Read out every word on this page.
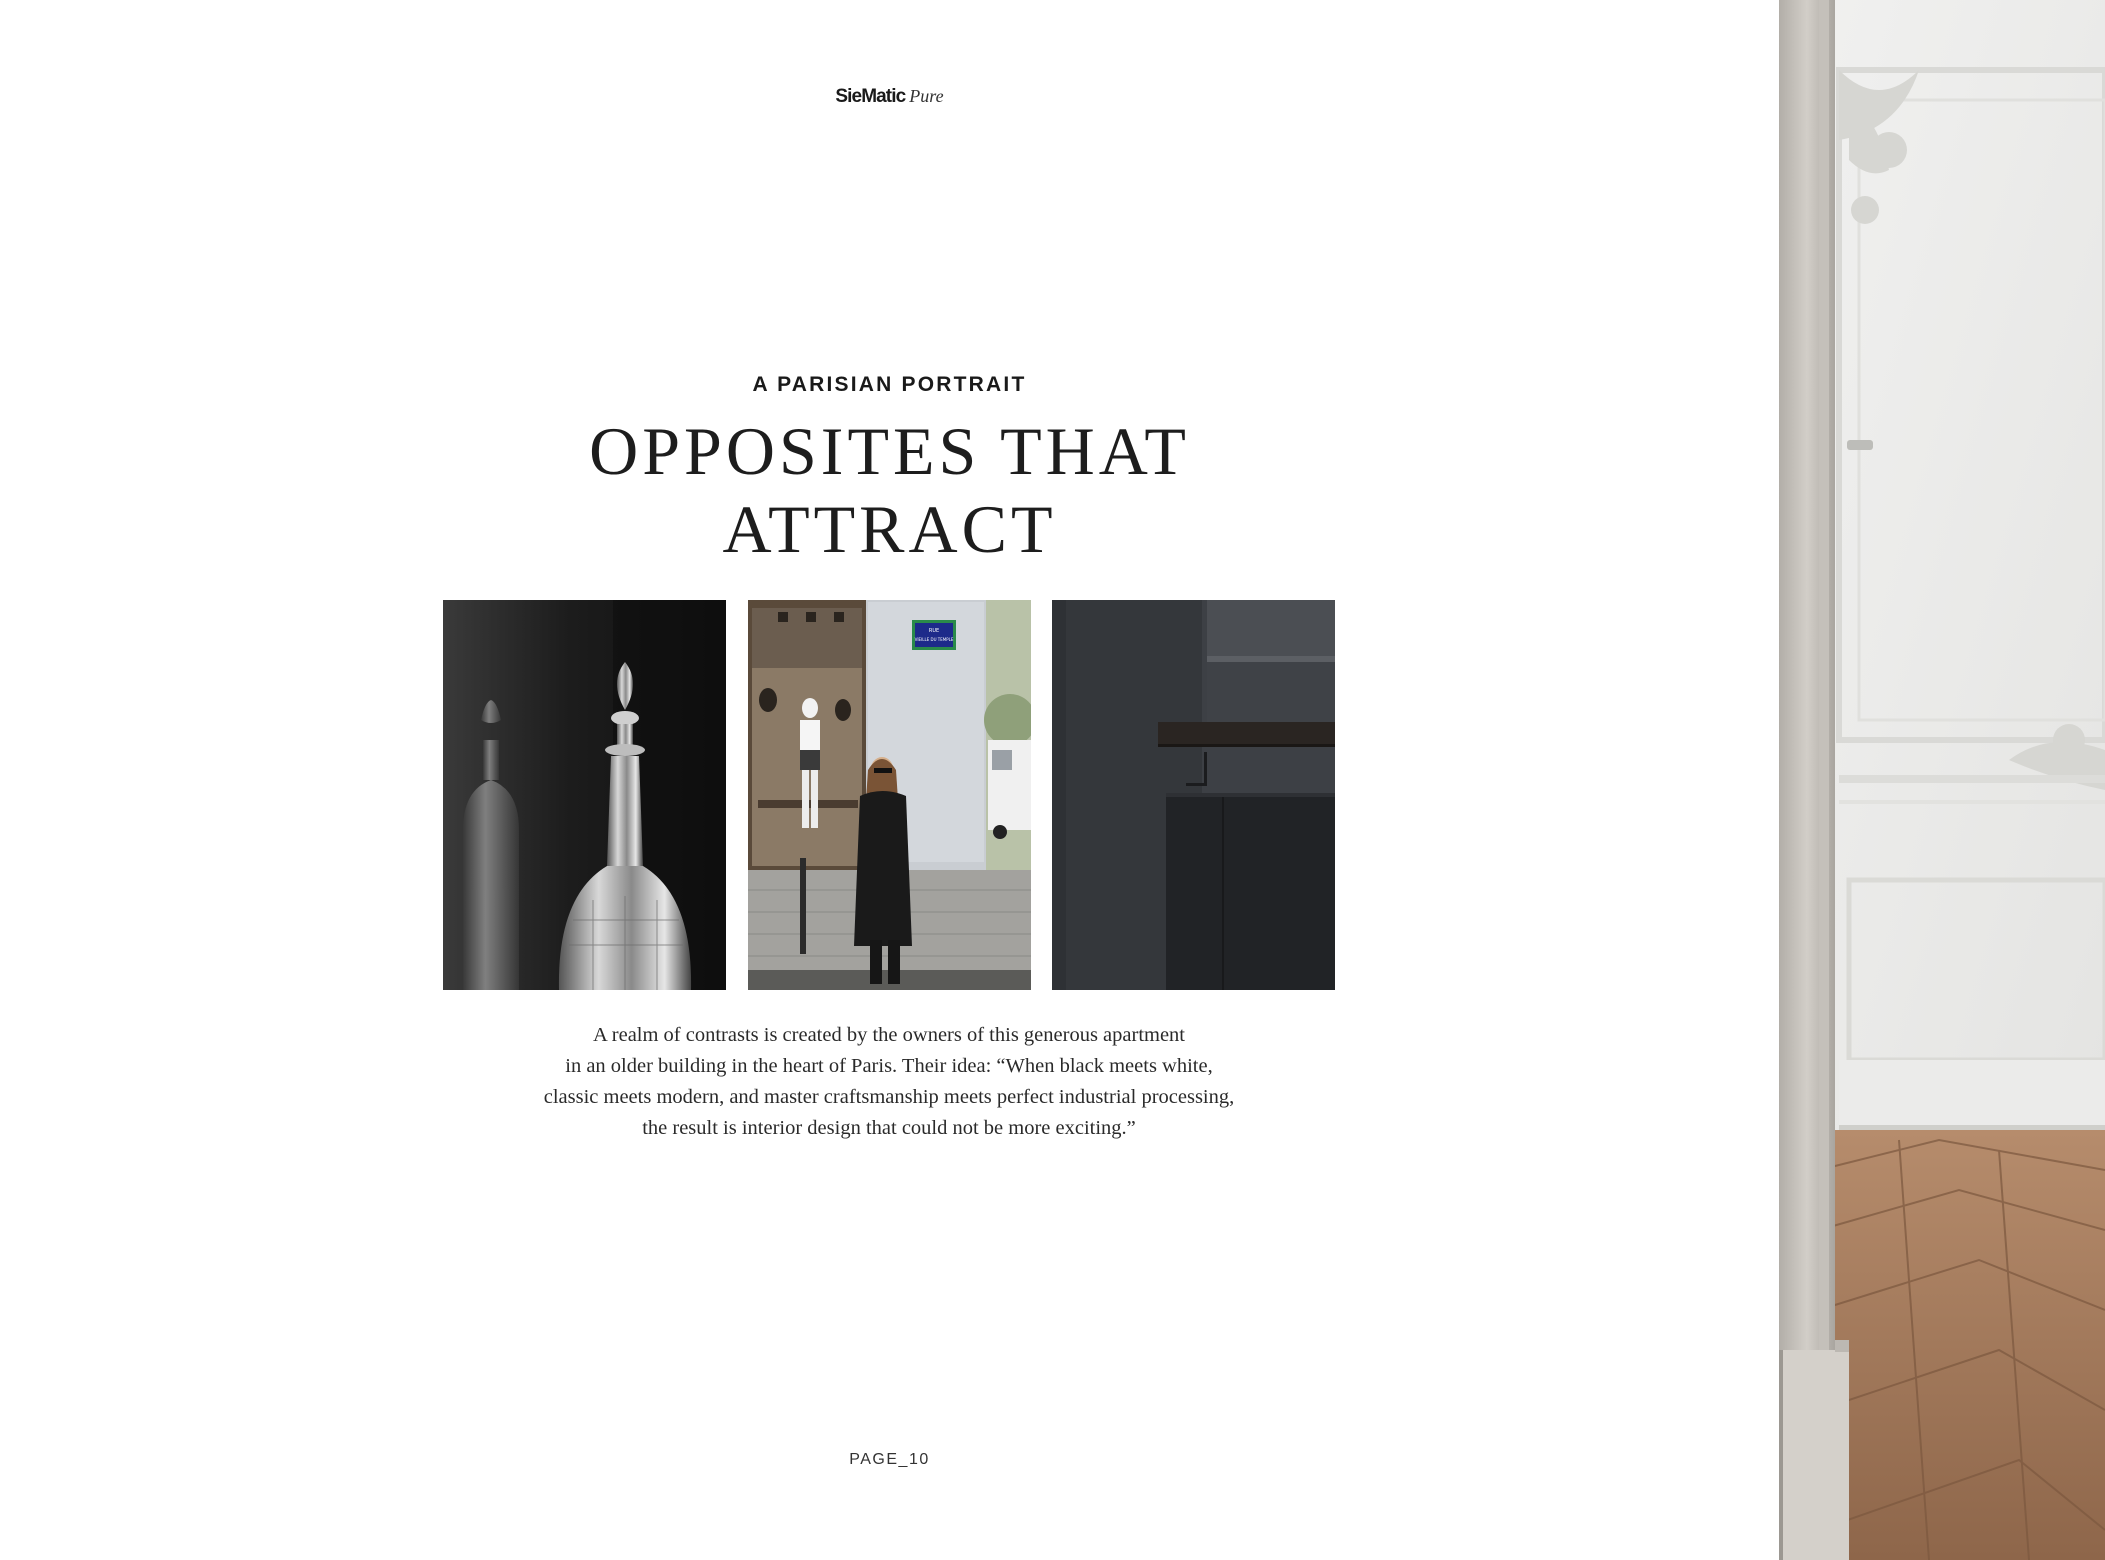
SieMatic Pure
A PARISIAN PORTRAIT
OPPOSITES THAT
ATTRACT
RUE
VIEILLE DU TEMPLE

A realm of contrasts is created by the owners of this generous apartment
in an older building in the heart of Paris. Their idea: “When black meets white,
classic meets modern, and master craftsmanship meets perfect industrial processing,
the result is interior design that could not be more exciting.”

PAGE_10
